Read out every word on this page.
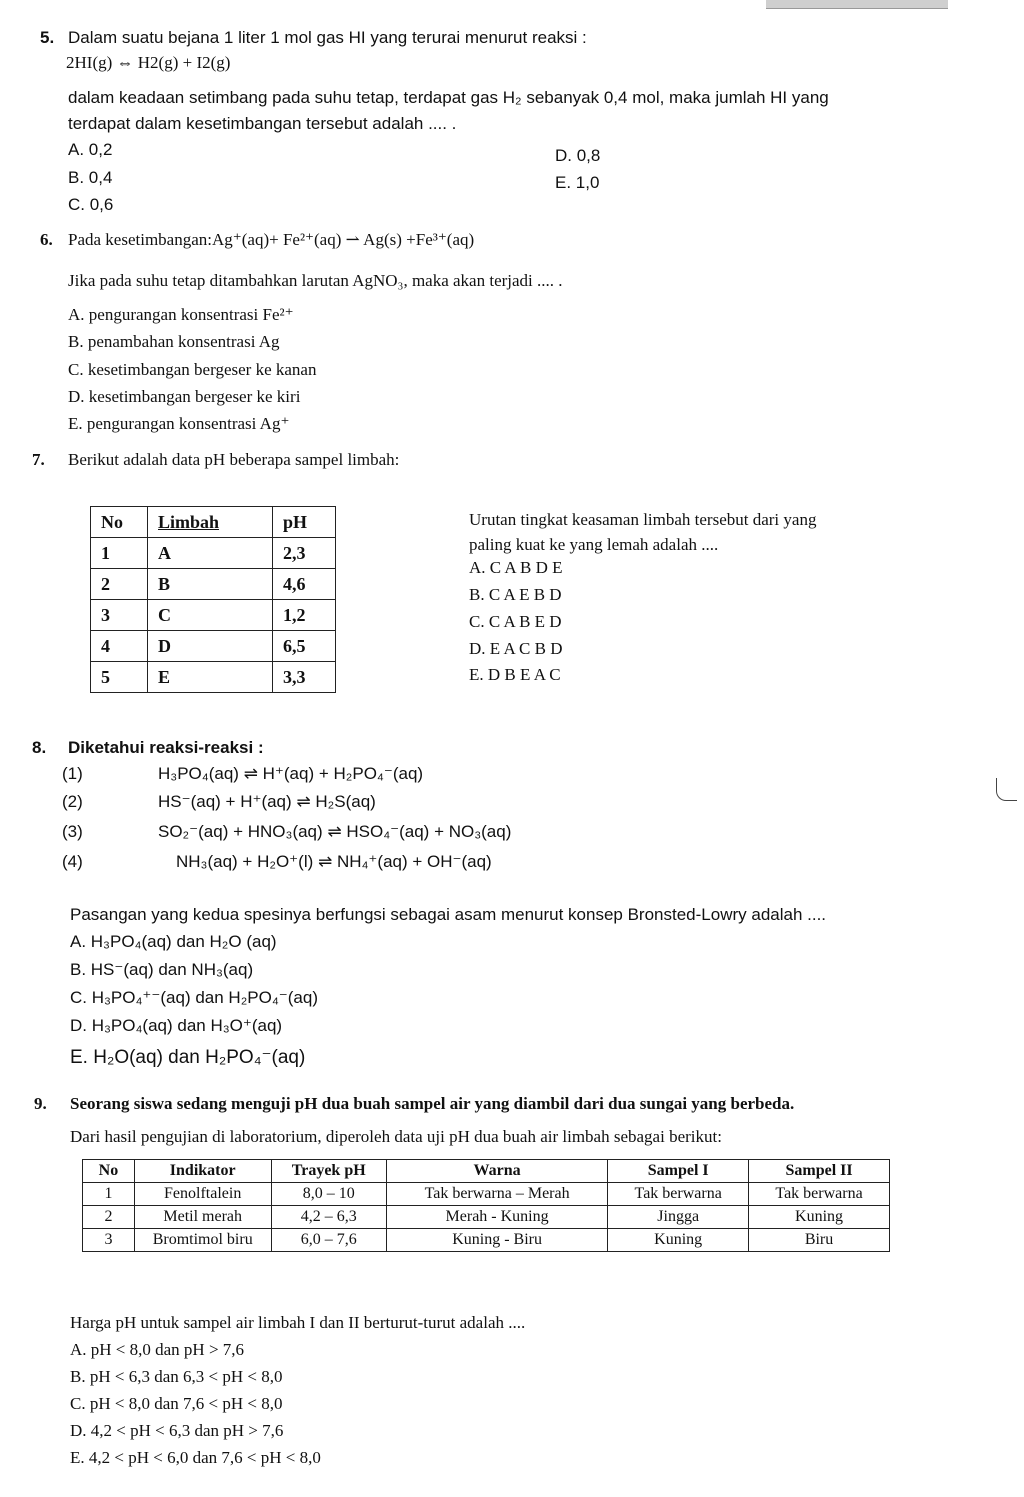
5. Dalam suatu bejana 1 liter 1 mol gas HI yang terurai menurut reaksi :
2HI(g) ⇔ H2(g) + I2(g)
dalam keadaan setimbang pada suhu tetap, terdapat gas H₂ sebanyak 0,4 mol, maka jumlah HI yang
terdapat dalam kesetimbangan tersebut adalah .... .
A. 0,2
B. 0,4
C. 0,6
D. 0,8
E. 1,0
6. Pada kesetimbangan:Ag⁺(aq)+ Fe²⁺(aq) ⇀ Ag(s) +Fe³⁺(aq)
Jika pada suhu tetap ditambahkan larutan AgNO₃, maka akan terjadi .... .
A. pengurangan konsentrasi Fe²⁺
B. penambahan konsentrasi Ag
C. kesetimbangan bergeser ke kanan
D. kesetimbangan bergeser ke kiri
E. pengurangan konsentrasi Ag⁺
7. Berikut adalah data pH beberapa sampel limbah:
No	Limbah	pH
1	A	2,3
2	B	4,6
3	C	1,2
4	D	6,5
5	E	3,3
Urutan tingkat keasaman limbah tersebut dari yang
paling kuat ke yang lemah adalah ....
A. C A B D E
B. C A E B D
C. C A B E D
D. E A C B D
E. D B E A C
8. Diketahui reaksi-reaksi :
(1)	H₃PO₄(aq) ⇌ H⁺(aq) + H₂PO₄⁻(aq)
(2)	HS⁻(aq) + H⁺(aq) ⇌ H₂S(aq)
(3)	SO₂⁻(aq) + HNO₃(aq) ⇌ HSO₄⁻(aq) + NO₃(aq)
(4)	NH₃(aq) + H₂O⁺(l) ⇌ NH₄⁺(aq) + OH⁻(aq)
Pasangan yang kedua spesinya berfungsi sebagai asam menurut konsep Bronsted-Lowry adalah ....
A. H₃PO₄(aq) dan H₂O (aq)
B. HS⁻(aq) dan NH₃(aq)
C. H₃PO₄⁺⁻(aq) dan H₂PO₄⁻(aq)
D. H₃PO₄(aq) dan H₃O⁺(aq)
E. H₂O(aq) dan H₂PO₄⁻(aq)
9. Seorang siswa sedang menguji pH dua buah sampel air yang diambil dari dua sungai yang berbeda.
Dari hasil pengujian di laboratorium, diperoleh data uji pH dua buah air limbah sebagai berikut:
No	Indikator	Trayek pH	Warna	Sampel I	Sampel II
1	Fenolftalein	8,0 – 10	Tak berwarna – Merah	Tak berwarna	Tak berwarna
2	Metil merah	4,2 – 6,3	Merah - Kuning	Jingga	Kuning
3	Bromtimol biru	6,0 – 7,6	Kuning - Biru	Kuning	Biru
Harga pH untuk sampel air limbah I dan II berturut-turut adalah ....
A. pH < 8,0 dan pH > 7,6
B. pH < 6,3 dan 6,3 < pH < 8,0
C. pH < 8,0 dan 7,6 < pH < 8,0
D. 4,2 < pH < 6,3 dan pH > 7,6
E. 4,2 < pH < 6,0 dan 7,6 < pH < 8,0
